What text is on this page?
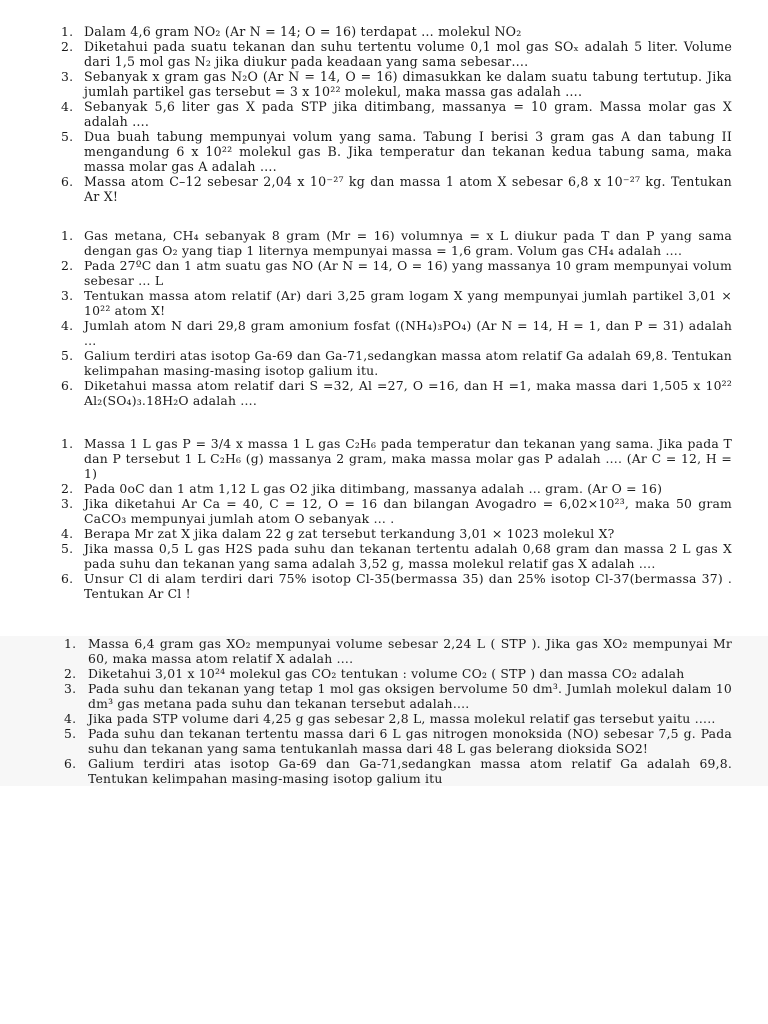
1. Dalam 4,6 gram NO₂ (Ar N = 14; O = 16) terdapat … molekul NO₂
2. Diketahui pada suatu tekanan dan suhu tertentu volume 0,1 mol gas SOₓ adalah 5 liter. Volume dari 1,5 mol gas N₂ jika diukur pada keadaan yang sama sebesar….
3. Sebanyak x gram gas N₂O (Ar N = 14, O = 16) dimasukkan ke dalam suatu tabung tertutup. Jika jumlah partikel gas tersebut = 3 x 10²² molekul, maka massa gas adalah ….
4. Sebanyak 5,6 liter gas X pada STP jika ditimbang, massanya = 10 gram. Massa molar gas X adalah ….
5. Dua buah tabung mempunyai volum yang sama. Tabung I berisi 3 gram gas A dan tabung II mengandung 6 x 10²² molekul gas B. Jika temperatur dan tekanan kedua tabung sama, maka massa molar gas A adalah ….
6. Massa atom C–12 sebesar 2,04 x 10⁻²⁷ kg dan massa 1 atom X sebesar 6,8 x 10⁻²⁷ kg. Tentukan Ar X!
1. Gas metana, CH₄ sebanyak 8 gram (Mr = 16) volumnya = x L diukur pada T dan P yang sama dengan gas O₂ yang tiap 1 liternya mempunyai massa = 1,6 gram. Volum gas CH₄ adalah ….
2. Pada 27ºC dan 1 atm suatu gas NO (Ar N = 14, O = 16) yang massanya 10 gram mempunyai volum sebesar … L
3. Tentukan massa atom relatif (Ar) dari 3,25 gram logam X yang mempunyai jumlah partikel 3,01 × 10²² atom X!
4. Jumlah atom N dari 29,8 gram amonium fosfat ((NH₄)₃PO₄) (Ar N = 14, H = 1, dan P = 31) adalah ...
5. Galium terdiri atas isotop Ga-69 dan Ga-71,sedangkan massa atom relatif Ga adalah 69,8. Tentukan kelimpahan masing-masing isotop galium itu.
6. Diketahui massa atom relatif dari S =32, Al =27, O =16, dan H =1, maka massa dari 1,505 x 10²² Al₂(SO₄)₃.18H₂O adalah ….
1. Massa 1 L gas P = 3/4 x massa 1 L gas C₂H₆ pada temperatur dan tekanan yang sama. Jika pada T dan P tersebut 1 L C₂H₆ (g) massanya 2 gram, maka massa molar gas P adalah …. (Ar C = 12, H = 1)
2. Pada 0oC dan 1 atm 1,12 L gas O2 jika ditimbang, massanya adalah … gram. (Ar O = 16)
3. Jika diketahui Ar Ca = 40, C = 12, O = 16 dan bilangan Avogadro = 6,02×10²³, maka 50 gram CaCO₃ mempunyai jumlah atom O sebanyak … .
4. Berapa Mr zat X jika dalam 22 g zat tersebut terkandung 3,01 × 1023 molekul X?
5. Jika massa 0,5 L gas H2S pada suhu dan tekanan tertentu adalah 0,68 gram dan massa 2 L gas X pada suhu dan tekanan yang sama adalah 3,52 g, massa molekul relatif gas X adalah ….
6. Unsur Cl di alam terdiri dari 75% isotop Cl-35(bermassa 35) dan 25% isotop Cl-37(bermassa 37) . Tentukan Ar Cl !
1. Massa 6,4 gram gas XO₂ mempunyai volume sebesar 2,24 L ( STP ). Jika gas XO₂ mempunyai Mr 60, maka massa atom relatif X adalah ….
2. Diketahui 3,01 x 10²⁴ molekul gas CO₂ tentukan : volume CO₂ ( STP ) dan massa CO₂ adalah
3. Pada suhu dan tekanan yang tetap 1 mol gas oksigen bervolume 50 dm³. Jumlah molekul dalam 10 dm³ gas metana pada suhu dan tekanan tersebut adalah….
4. Jika pada STP volume dari 4,25 g gas sebesar 2,8 L, massa molekul relatif gas tersebut yaitu …..
5. Pada suhu dan tekanan tertentu massa dari 6 L gas nitrogen monoksida (NO) sebesar 7,5 g. Pada suhu dan tekanan yang sama tentukanlah massa dari 48 L gas belerang dioksida SO2!
6. Galium terdiri atas isotop Ga-69 dan Ga-71,sedangkan massa atom relatif Ga adalah 69,8. Tentukan kelimpahan masing-masing isotop galium itu
